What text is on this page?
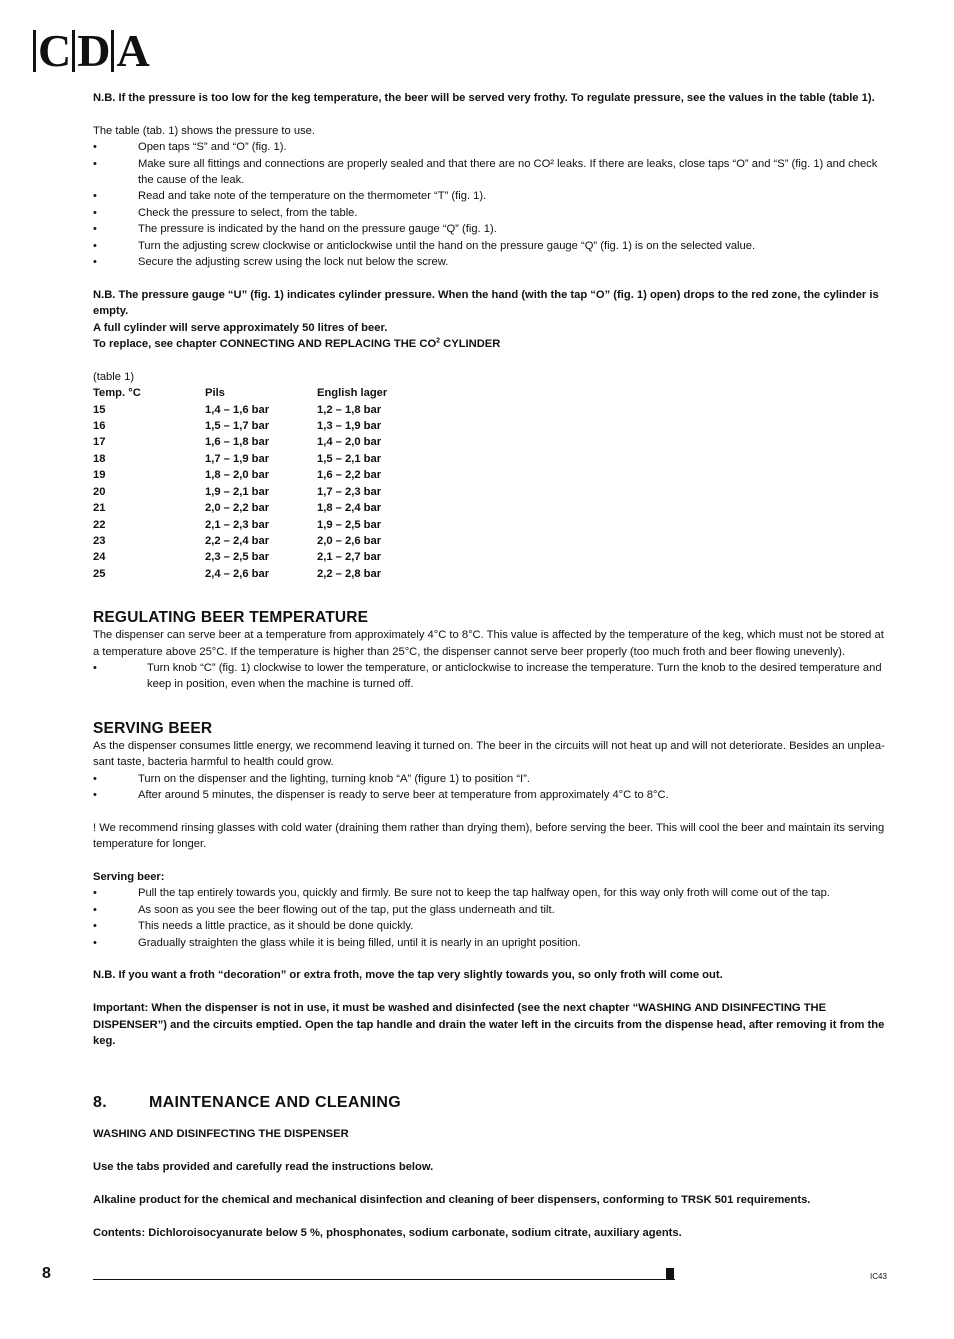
C D A

N.B. If the pressure is too low for the keg temperature, the beer will be served very frothy. To regulate pressure, see the values in the table (table 1).

The table (tab. 1) shows the pressure to use.

• Open taps “S” and “O” (fig. 1).
• Make sure all fittings and connections are properly sealed and that there are no CO² leaks. If there are leaks, close taps “O” and “S” (fig. 1) and check the cause of the leak.
• Read and take note of the temperature on the thermometer “T” (fig. 1).
• Check the pressure to select, from the table.
• The pressure is indicated by the hand on the pressure gauge “Q” (fig. 1).
• Turn the adjusting screw clockwise or anticlockwise until the hand on the pressure gauge “Q” (fig. 1) is on the selected value.
• Secure the adjusting screw using the lock nut below the screw.

N.B. The pressure gauge “U” (fig. 1) indicates cylinder pressure. When the hand (with the tap “O” (fig. 1) open) drops to the red zone, the cylinder is empty.
A full cylinder will serve approximately 50 litres of beer.
To replace, see chapter CONNECTING AND REPLACING THE $CO^2$ CYLINDER

(table 1)

Temp. °C	Pils	English lager
15	1,4 – 1,6 bar	1,2 – 1,8 bar
16	1,5 – 1,7 bar	1,3 – 1,9 bar
17	1,6 – 1,8 bar	1,4 – 2,0 bar
18	1,7 – 1,9 bar	1,5 – 2,1 bar
19	1,8 – 2,0 bar	1,6 – 2,2 bar
20	1,9 – 2,1 bar	1,7 – 2,3 bar
21	2,0 – 2,2 bar	1,8 – 2,4 bar
22	2,1 – 2,3 bar	1,9 – 2,5 bar
23	2,2 – 2,4 bar	2,0 – 2,6 bar
24	2,3 – 2,5 bar	2,1 – 2,7 bar
25	2,4 – 2,6 bar	2,2 – 2,8 bar
REGULATING BEER TEMPERATURE

The dispenser can serve beer at a temperature from approximately 4°C to 8°C. This value is affected by the temperature of the keg, which must not be stored at a temperature above 25°C. If the temperature is higher than 25°C, the dispenser cannot serve beer properly (too much froth and beer flowing unevenly).

• Turn knob “C” (fig. 1) clockwise to lower the temperature, or anticlockwise to increase the temperature. Turn the knob to the desired temperature and keep in position, even when the machine is turned off.
SERVING BEER

As the dispenser consumes little energy, we recommend leaving it turned on. The beer in the circuits will not heat up and will not deteriorate. Besides an unplea-sant taste, bacteria harmful to health could grow.

• Turn on the dispenser and the lighting, turning knob “A” (figure 1) to position “I”.
• After around 5 minutes, the dispenser is ready to serve beer at temperature from approximately 4°C to 8°C.

! We recommend rinsing glasses with cold water (draining them rather than drying them), before serving the beer. This will cool the beer and maintain its serving temperature for longer.

Serving beer:

• Pull the tap entirely towards you, quickly and firmly. Be sure not to keep the tap halfway open, for this way only froth will come out of the tap.
• As soon as you see the beer flowing out of the tap, put the glass underneath and tilt.
• This needs a little practice, as it should be done quickly.
• Gradually straighten the glass while it is being filled, until it is nearly in an upright position.

N.B. If you want a froth “decoration” or extra froth, move the tap very slightly towards you, so only froth will come out.

Important: When the dispenser is not in use, it must be washed and disinfected (see the next chapter “WASHING AND DISINFECTING THE DISPENSER”) and the circuits emptied. Open the tap handle and drain the water left in the circuits from the dispense head, after removing it from the keg.

8.	MAINTENANCE AND CLEANING

WASHING AND DISINFECTING THE DISPENSER

Use the tabs provided and carefully read the instructions below.

Alkaline product for the chemical and mechanical disinfection and cleaning of beer dispensers, conforming to TRSK 501 requirements.

Contents: Dichloroisocyanurate below 5 %, phosphonates, sodium carbonate, sodium citrate, auxiliary agents.

8	IC43
